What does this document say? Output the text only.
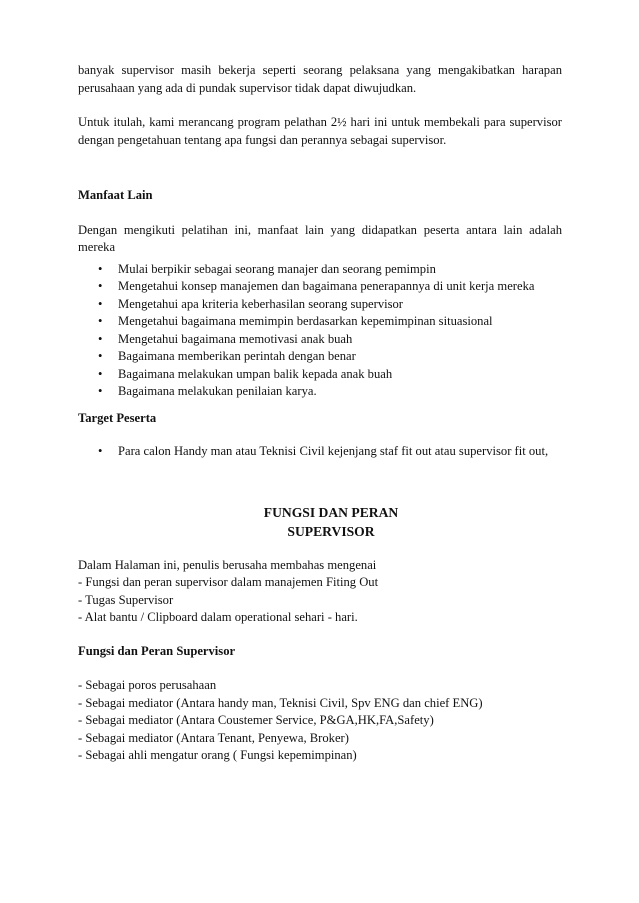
banyak supervisor masih bekerja seperti seorang pelaksana yang mengakibatkan harapan perusahaan yang ada di pundak supervisor tidak dapat diwujudkan.

Untuk itulah, kami merancang program pelathan 2½ hari ini untuk membekali para supervisor dengan pengetahuan tentang apa fungsi dan perannya sebagai supervisor.

Manfaat Lain

Dengan mengikuti pelatihan ini, manfaat lain yang didapatkan peserta antara lain adalah mereka

• Mulai berpikir sebagai seorang manajer dan seorang pemimpin
• Mengetahui konsep manajemen dan bagaimana penerapannya di unit kerja mereka
• Mengetahui apa kriteria keberhasilan seorang supervisor
• Mengetahui bagaimana memimpin berdasarkan kepemimpinan situasional
• Mengetahui bagaimana memotivasi anak buah
• Bagaimana memberikan perintah dengan benar
• Bagaimana melakukan umpan balik kepada anak buah
• Bagaimana melakukan penilaian karya.
Target Peserta
• Para calon Handy man atau Teknisi Civil kejenjang staf fit out atau supervisor fit out,
FUNGSI DAN PERAN
SUPERVISOR

Dalam Halaman ini, penulis berusaha membahas mengenai

- Fungsi dan peran supervisor dalam manajemen Fiting Out

- Tugas Supervisor

- Alat bantu / Clipboard dalam operational sehari - hari.

Fungsi dan Peran Supervisor

- Sebagai poros perusahaan

- Sebagai mediator (Antara handy man, Teknisi Civil, Spv ENG dan chief ENG)

- Sebagai mediator (Antara Coustemer Service, P&GA,HK,FA,Safety)

- Sebagai mediator (Antara Tenant, Penyewa, Broker)

- Sebagai ahli mengatur orang ( Fungsi kepemimpinan)
